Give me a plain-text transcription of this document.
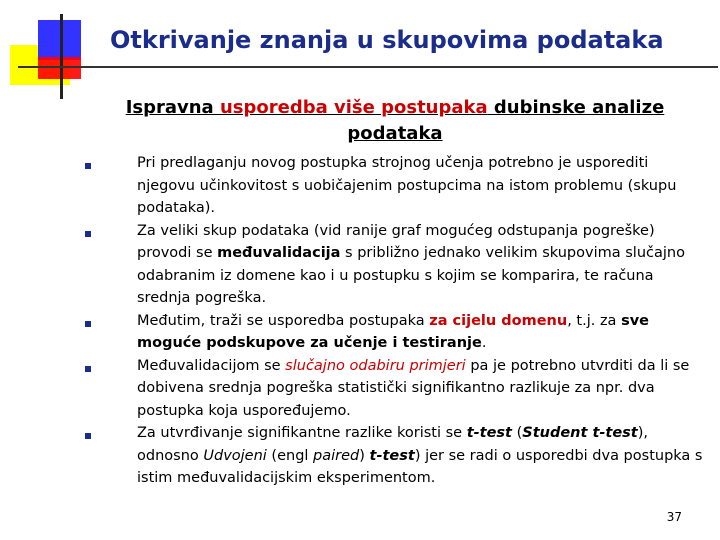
Otkrivanje znanja u skupovima podataka
Ispravna usporedba više postupaka dubinske analize podataka
Pri predlaganju novog postupka strojnog učenja potrebno je usporediti njegovu učinkovitost s uobičajenim postupcima na istom problemu (skupu podataka).
Za veliki skup podataka (vid ranije graf mogućeg odstupanja pogreške) provodi se međuvalidacija s približno jednako velikim skupovima slučajno odabranim iz domene kao i u postupku s kojim se komparira, te računa srednja pogreška.
Međutim, traži se usporedba postupaka za cijelu domenu, t.j. za sve moguće podskupove za učenje i testiranje.
Međuvalidacijom se slučajno odabiru primjeri pa je potrebno utvrditi da li se dobivena srednja pogreška statistički signifikantno razlikuje za npr. dva postupka koja uspoređujemo.
Za utvrđivanje signifikantne razlike koristi se t-test (Student t-test), odnosno Udvojeni (engl paired) t-test) jer se radi o usporedbi dva postupka s istim međuvalidacijskim eksperimentom.
37
